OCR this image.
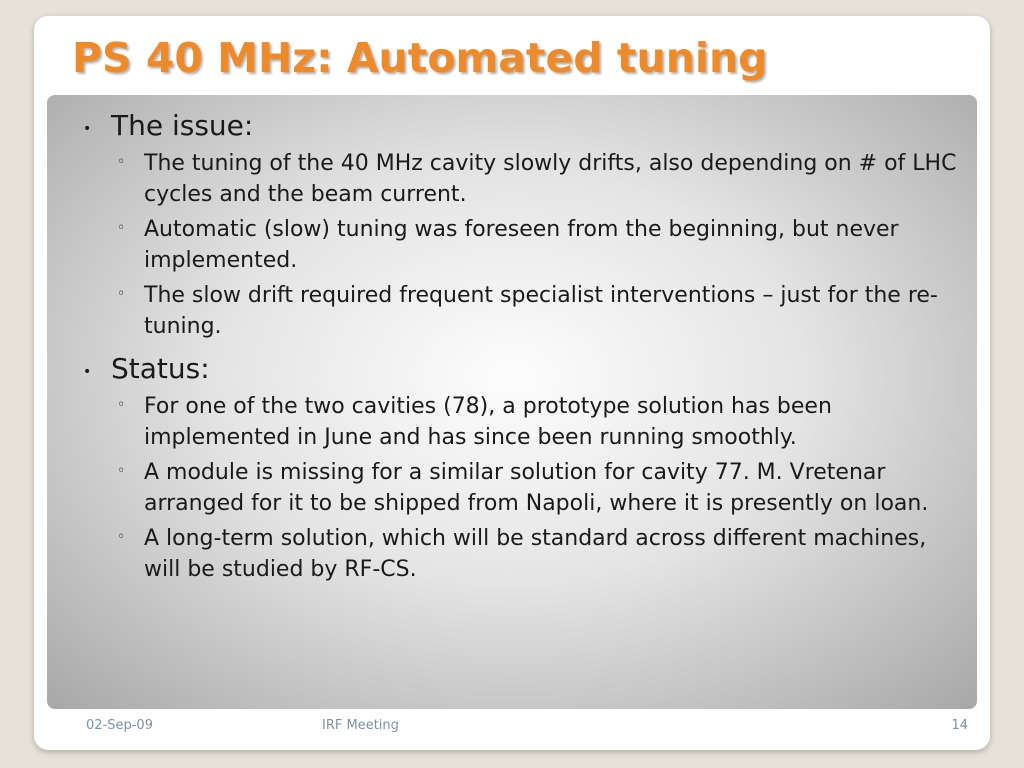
PS 40 MHz: Automated tuning
• The issue:
◦ The tuning of the 40 MHz cavity slowly drifts, also depending on # of LHC cycles and the beam current.
◦ Automatic (slow) tuning was foreseen from the beginning, but never implemented.
◦ The slow drift required frequent specialist interventions – just for the re-tuning.
• Status:
◦ For one of the two cavities (78), a prototype solution has been implemented in June and has since been running smoothly.
◦ A module is missing for a similar solution for cavity 77. M. Vretenar arranged for it to be shipped from Napoli, where it is presently on loan.
◦ A long-term solution, which will be standard across different machines, will be studied by RF-CS.
02-Sep-09	IRF Meeting	14
